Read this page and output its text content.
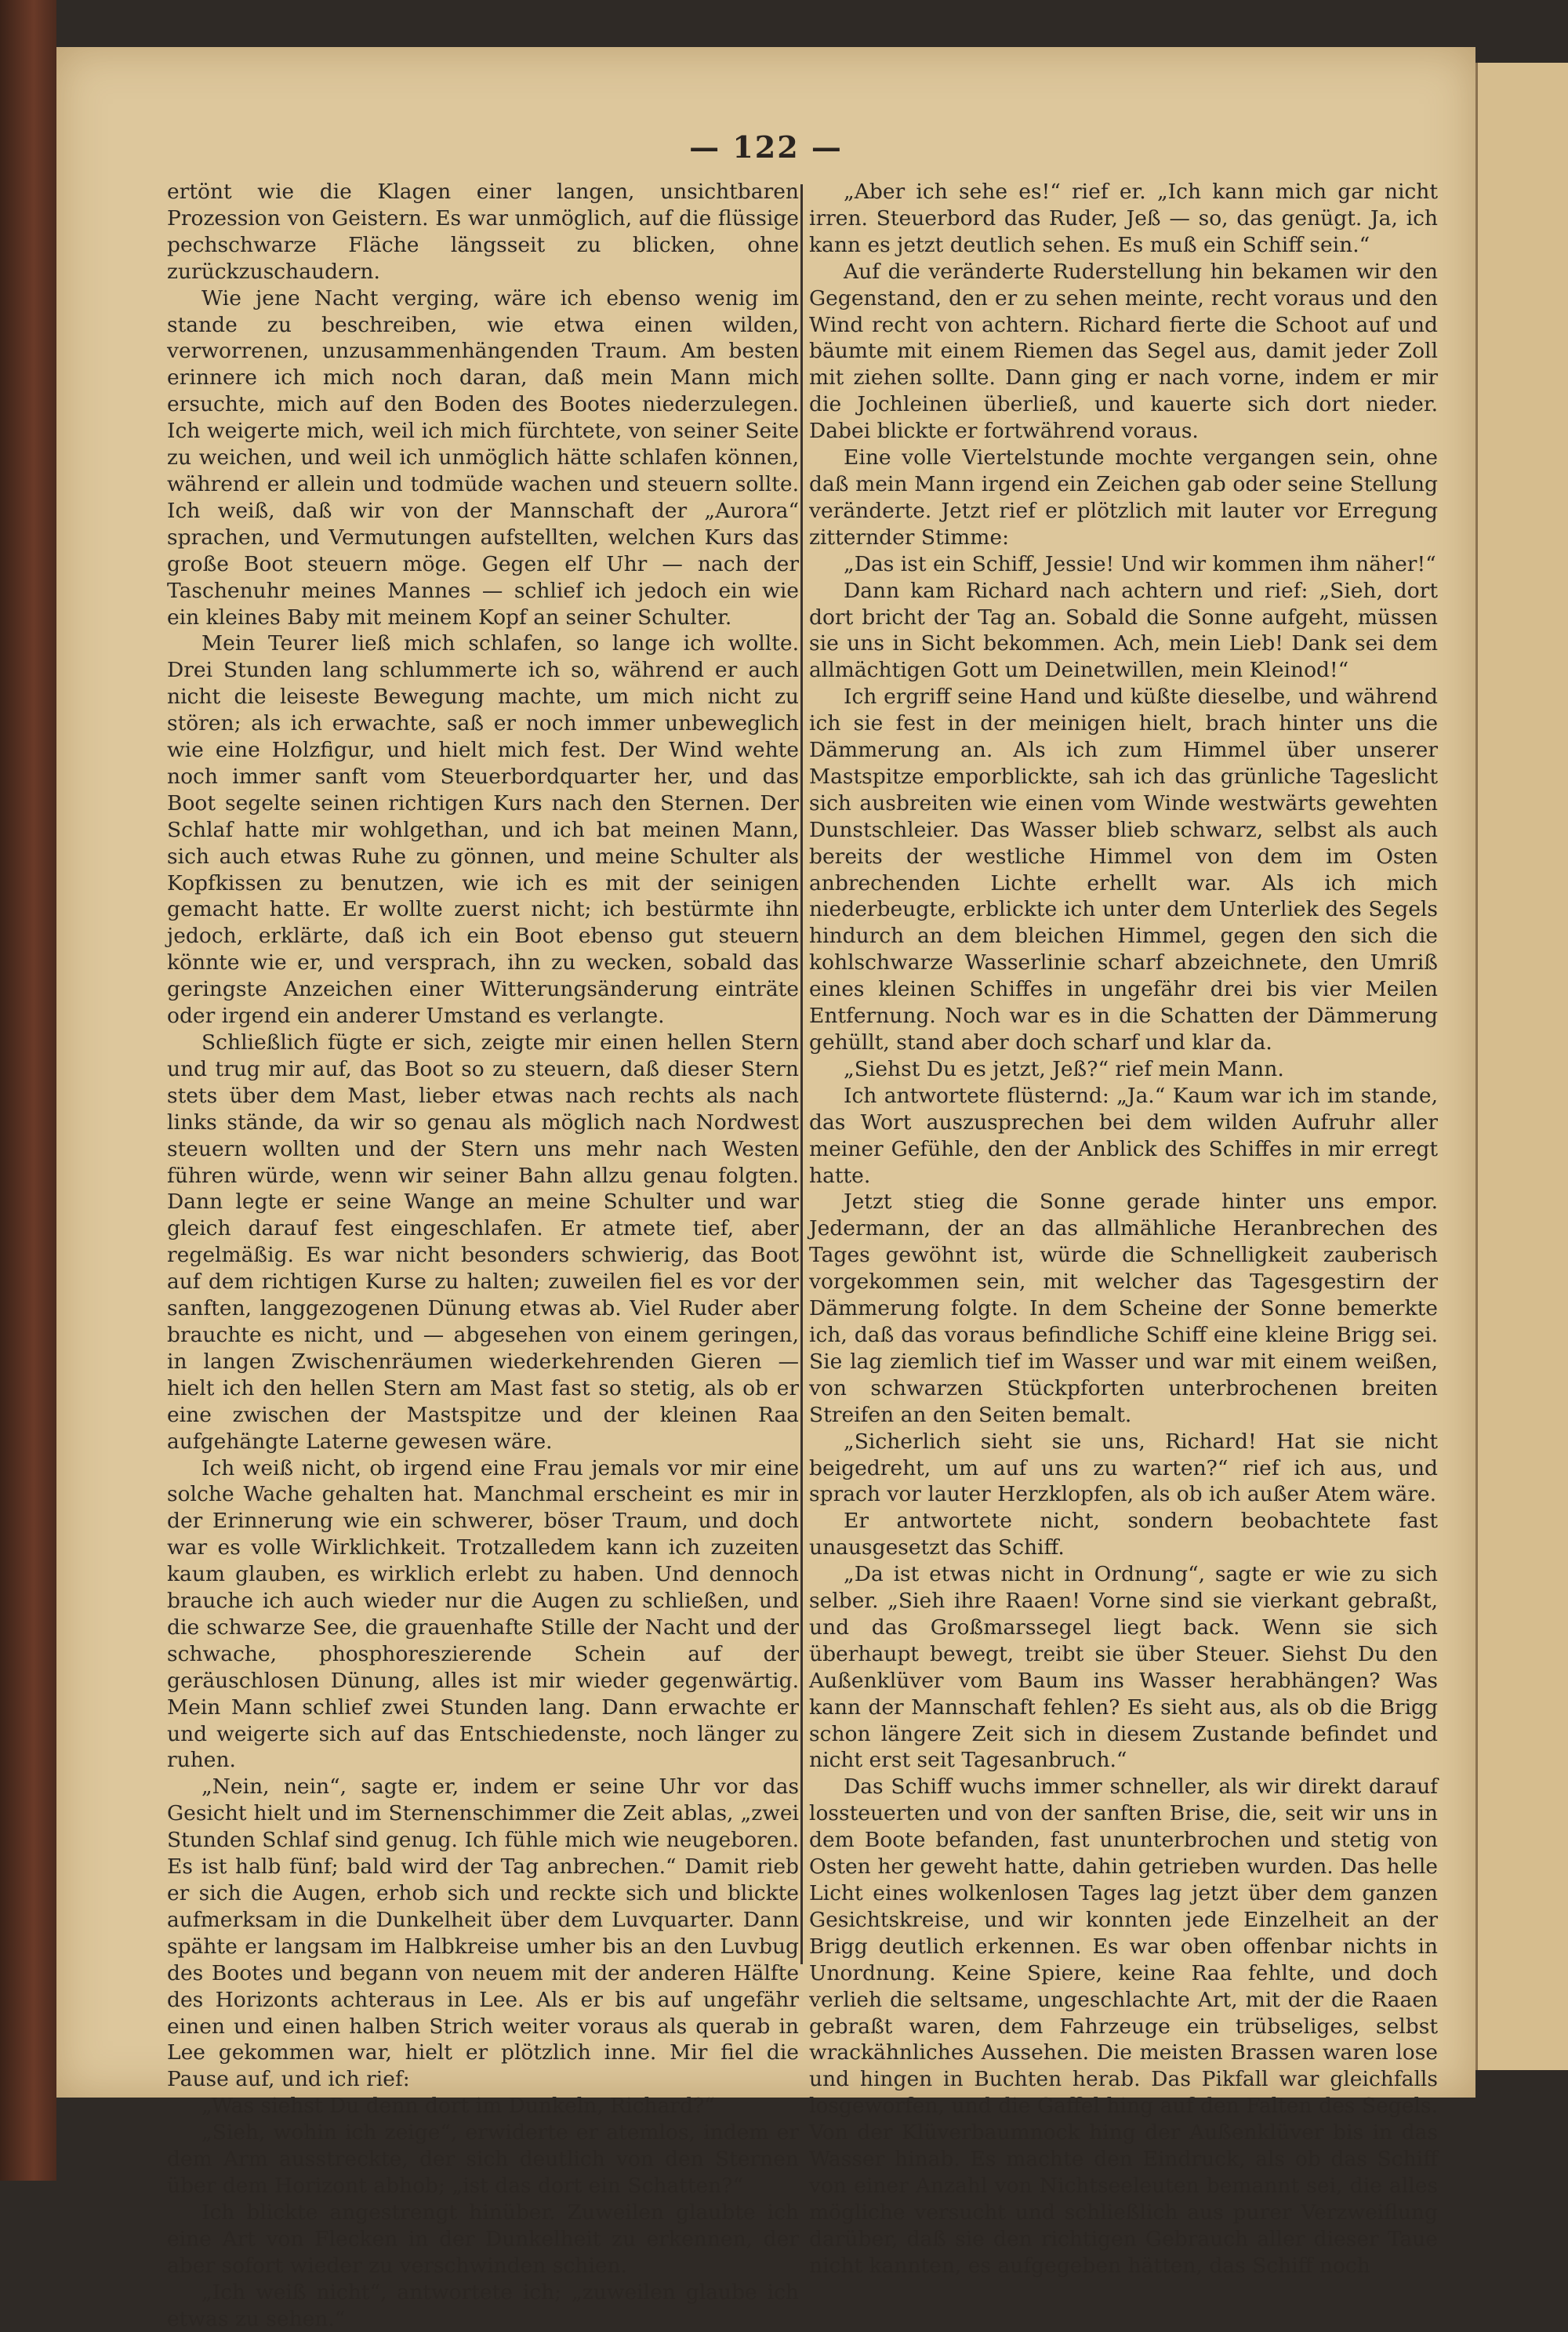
— 122 —

ertönt wie die Klagen einer langen, unsichtbaren Prozession von Geistern. Es war unmöglich, auf die flüssige pechschwarze Fläche längsseit zu blicken, ohne zurückzuschaudern.

Wie jene Nacht verging, wäre ich ebenso wenig im stande zu beschreiben, wie etwa einen wilden, verworrenen, unzusammenhängenden Traum. Am besten erinnere ich mich noch daran, daß mein Mann mich ersuchte, mich auf den Boden des Bootes niederzulegen. Ich weigerte mich, weil ich mich fürchtete, von seiner Seite zu weichen, und weil ich unmöglich hätte schlafen können, während er allein und todmüde wachen und steuern sollte. Ich weiß, daß wir von der Mannschaft der „Aurora“ sprachen, und Vermutungen aufstellten, welchen Kurs das große Boot steuern möge. Gegen elf Uhr — nach der Taschenuhr meines Mannes — schlief ich jedoch ein wie ein kleines Baby mit meinem Kopf an seiner Schulter.

Mein Teurer ließ mich schlafen, so lange ich wollte. Drei Stunden lang schlummerte ich so, während er auch nicht die leiseste Bewegung machte, um mich nicht zu stören; als ich erwachte, saß er noch immer unbeweglich wie eine Holzfigur, und hielt mich fest. Der Wind wehte noch immer sanft vom Steuerbordquarter her, und das Boot segelte seinen richtigen Kurs nach den Sternen. Der Schlaf hatte mir wohlgethan, und ich bat meinen Mann, sich auch etwas Ruhe zu gönnen, und meine Schulter als Kopfkissen zu benutzen, wie ich es mit der seinigen gemacht hatte. Er wollte zuerst nicht; ich bestürmte ihn jedoch, erklärte, daß ich ein Boot ebenso gut steuern könnte wie er, und versprach, ihn zu wecken, sobald das geringste Anzeichen einer Witterungsänderung einträte oder irgend ein anderer Umstand es verlangte.

Schließlich fügte er sich, zeigte mir einen hellen Stern und trug mir auf, das Boot so zu steuern, daß dieser Stern stets über dem Mast, lieber etwas nach rechts als nach links stände, da wir so genau als möglich nach Nordwest steuern wollten und der Stern uns mehr nach Westen führen würde, wenn wir seiner Bahn allzu genau folgten. Dann legte er seine Wange an meine Schulter und war gleich darauf fest eingeschlafen. Er atmete tief, aber regelmäßig. Es war nicht besonders schwierig, das Boot auf dem richtigen Kurse zu halten; zuweilen fiel es vor der sanften, langgezogenen Dünung etwas ab. Viel Ruder aber brauchte es nicht, und — abgesehen von einem geringen, in langen Zwischenräumen wiederkehrenden Gieren — hielt ich den hellen Stern am Mast fast so stetig, als ob er eine zwischen der Mastspitze und der kleinen Raa aufgehängte Laterne gewesen wäre.

Ich weiß nicht, ob irgend eine Frau jemals vor mir eine solche Wache gehalten hat. Manchmal erscheint es mir in der Erinnerung wie ein schwerer, böser Traum, und doch war es volle Wirklichkeit. Trotzalledem kann ich zuzeiten kaum glauben, es wirklich erlebt zu haben. Und dennoch brauche ich auch wieder nur die Augen zu schließen, und die schwarze See, die grauenhafte Stille der Nacht und der schwache, phosphoreszierende Schein auf der geräuschlosen Dünung, alles ist mir wieder gegenwärtig. Mein Mann schlief zwei Stunden lang. Dann erwachte er und weigerte sich auf das Entschiedenste, noch länger zu ruhen.

„Nein, nein“, sagte er, indem er seine Uhr vor das Gesicht hielt und im Sternenschimmer die Zeit ablas, „zwei Stunden Schlaf sind genug. Ich fühle mich wie neugeboren. Es ist halb fünf; bald wird der Tag anbrechen.“ Damit rieb er sich die Augen, erhob sich und reckte sich und blickte aufmerksam in die Dunkelheit über dem Luvquarter. Dann spähte er langsam im Halbkreise umher bis an den Luvbug des Bootes und begann von neuem mit der anderen Hälfte des Horizonts achteraus in Lee. Als er bis auf ungefähr einen und einen halben Strich weiter voraus als querab in Lee gekommen war, hielt er plötzlich inne. Mir fiel die Pause auf, und ich rief:

„Was siehst Du denn dort im Dunkeln, Richard?“

„Sieh, wohin ich zeige“, erwiderte er atemlos, indem er dem Arm ausstreckte, der sich deutlich von den Sternen über dem Horizont abhob; „ist das dort ein Schatten?“

Ich blickte angestrengt hinüber. Zuweilen glaubte ich eine Art von Flecken in der Dunkelheit zu erkennen, der aber sofort wieder zu verschwinden schien.

„Ich weiß nicht“, antwortete ich; „zuweilen glaube ich etwas zu sehen.“

„Aber ich sehe es!“ rief er. „Ich kann mich gar nicht irren. Steuerbord das Ruder, Jeß — so, das genügt. Ja, ich kann es jetzt deutlich sehen. Es muß ein Schiff sein.“

Auf die veränderte Ruderstellung hin bekamen wir den Gegenstand, den er zu sehen meinte, recht voraus und den Wind recht von achtern. Richard fierte die Schoot auf und bäumte mit einem Riemen das Segel aus, damit jeder Zoll mit ziehen sollte. Dann ging er nach vorne, indem er mir die Jochleinen überließ, und kauerte sich dort nieder. Dabei blickte er fortwährend voraus.

Eine volle Viertelstunde mochte vergangen sein, ohne daß mein Mann irgend ein Zeichen gab oder seine Stellung veränderte. Jetzt rief er plötzlich mit lauter vor Erregung zitternder Stimme:

„Das ist ein Schiff, Jessie! Und wir kommen ihm näher!“

Dann kam Richard nach achtern und rief: „Sieh, dort dort bricht der Tag an. Sobald die Sonne aufgeht, müssen sie uns in Sicht bekommen. Ach, mein Lieb! Dank sei dem allmächtigen Gott um Deinetwillen, mein Kleinod!“

Ich ergriff seine Hand und küßte dieselbe, und während ich sie fest in der meinigen hielt, brach hinter uns die Dämmerung an. Als ich zum Himmel über unserer Mastspitze emporblickte, sah ich das grünliche Tageslicht sich ausbreiten wie einen vom Winde westwärts gewehten Dunstschleier. Das Wasser blieb schwarz, selbst als auch bereits der westliche Himmel von dem im Osten anbrechenden Lichte erhellt war. Als ich mich niederbeugte, erblickte ich unter dem Unterliek des Segels hindurch an dem bleichen Himmel, gegen den sich die kohlschwarze Wasserlinie scharf abzeichnete, den Umriß eines kleinen Schiffes in ungefähr drei bis vier Meilen Entfernung. Noch war es in die Schatten der Dämmerung gehüllt, stand aber doch scharf und klar da.

„Siehst Du es jetzt, Jeß?“ rief mein Mann.

Ich antwortete flüsternd: „Ja.“ Kaum war ich im stande, das Wort auszusprechen bei dem wilden Aufruhr aller meiner Gefühle, den der Anblick des Schiffes in mir erregt hatte.

Jetzt stieg die Sonne gerade hinter uns empor. Jedermann, der an das allmähliche Heranbrechen des Tages gewöhnt ist, würde die Schnelligkeit zauberisch vorgekommen sein, mit welcher das Tagesgestirn der Dämmerung folgte. In dem Scheine der Sonne bemerkte ich, daß das voraus befindliche Schiff eine kleine Brigg sei. Sie lag ziemlich tief im Wasser und war mit einem weißen, von schwarzen Stückpforten unterbrochenen breiten Streifen an den Seiten bemalt.

„Sicherlich sieht sie uns, Richard! Hat sie nicht beigedreht, um auf uns zu warten?“ rief ich aus, und sprach vor lauter Herzklopfen, als ob ich außer Atem wäre.

Er antwortete nicht, sondern beobachtete fast unausgesetzt das Schiff.

„Da ist etwas nicht in Ordnung“, sagte er wie zu sich selber. „Sieh ihre Raaen! Vorne sind sie vierkant gebraßt, und das Großmarssegel liegt back. Wenn sie sich überhaupt bewegt, treibt sie über Steuer. Siehst Du den Außenklüver vom Baum ins Wasser herabhängen? Was kann der Mannschaft fehlen? Es sieht aus, als ob die Brigg schon längere Zeit sich in diesem Zustande befindet und nicht erst seit Tagesanbruch.“

Das Schiff wuchs immer schneller, als wir direkt darauf lossteuerten und von der sanften Brise, die, seit wir uns in dem Boote befanden, fast ununterbrochen und stetig von Osten her geweht hatte, dahin getrieben wurden. Das helle Licht eines wolkenlosen Tages lag jetzt über dem ganzen Gesichtskreise, und wir konnten jede Einzelheit an der Brigg deutlich erkennen. Es war oben offenbar nichts in Unordnung. Keine Spiere, keine Raa fehlte, und doch verlieh die seltsame, ungeschlachte Art, mit der die Raaen gebraßt waren, dem Fahrzeuge ein trübseliges, selbst wrackähnliches Aussehen. Die meisten Brassen waren lose und hingen in Buchten herab. Das Pikfall war gleichfalls losgeworfen, und die Gaffel hing auf den Falten des Segels. Von der Klüverbaumnock hing der Außenklüver bis in das Wasser hinab. Es machte den Eindruck, als ob das Schiff von einer Anzahl von Nichtseeleuten bemannt sei, die alles mögliche versucht und schließlich aus purer Verzweiflung darüber, daß sie den richtigen Gebrauch aller dieser Taue nicht kannten, es aufgegeben hätten, das Schiff noch
